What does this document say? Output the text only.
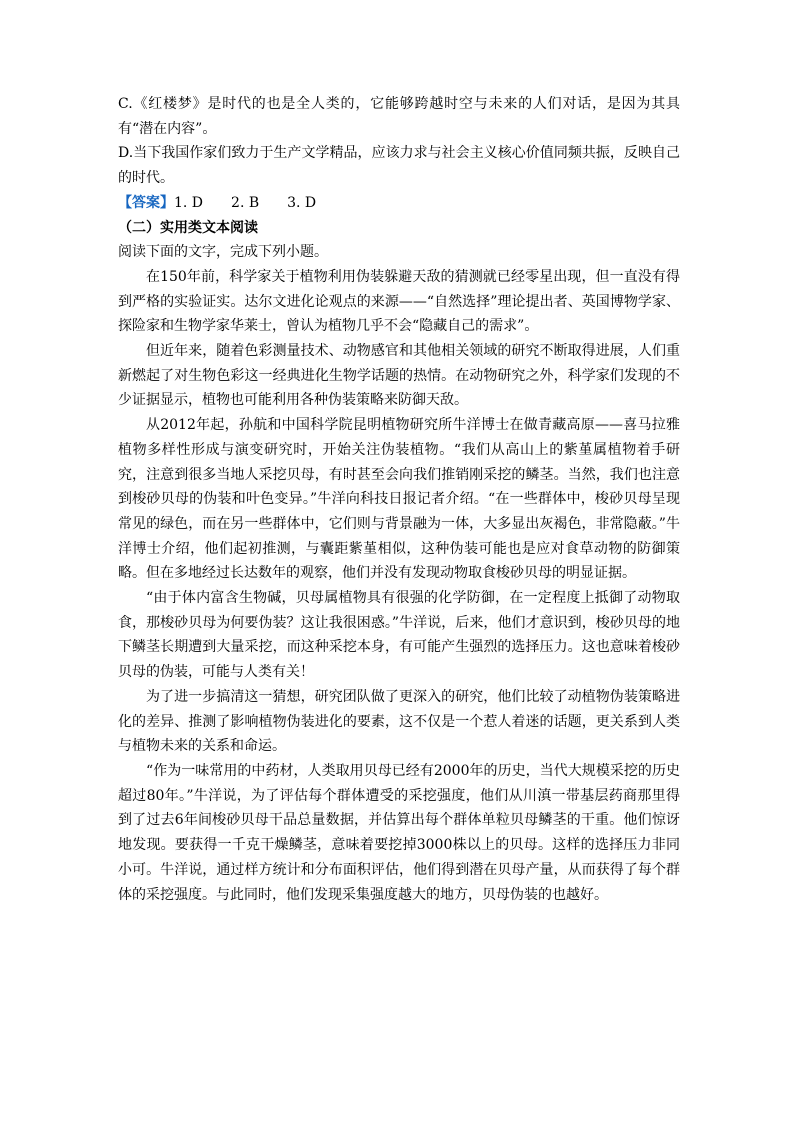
C.《红楼梦》是时代的也是全人类的，它能够跨越时空与未来的人们对话，是因为其具有“潜在内容”。

D.当下我国作家们致力于生产文学精品，应该力求与社会主义核心价值同频共振，反映自己的时代。

【答案】1. D　　2. B　　3. D

（二）实用类文本阅读

阅读下面的文字，完成下列小题。

在150年前，科学家关于植物利用伪装躲避天敌的猜测就已经零星出现，但一直没有得到严格的实验证实。达尔文进化论观点的来源——“自然选择”理论提出者、英国博物学家、探险家和生物学家华莱士，曾认为植物几乎不会“隐藏自己的需求”。

但近年来，随着色彩测量技术、动物感官和其他相关领域的研究不断取得进展，人们重新燃起了对生物色彩这一经典进化生物学话题的热情。在动物研究之外，科学家们发现的不少证据显示，植物也可能利用各种伪装策略来防御天敌。

从2012年起，孙航和中国科学院昆明植物研究所牛洋博士在做青藏高原——喜马拉雅植物多样性形成与演变研究时，开始关注伪装植物。“我们从高山上的紫堇属植物着手研究，注意到很多当地人采挖贝母，有时甚至会向我们推销刚采挖的鳞茎。当然，我们也注意到梭砂贝母的伪装和叶色变异。”牛洋向科技日报记者介绍。“在一些群体中，梭砂贝母呈现常见的绿色，而在另一些群体中，它们则与背景融为一体，大多显出灰褐色，非常隐蔽。”牛洋博士介绍，他们起初推测，与囊距紫堇相似，这种伪装可能也是应对食草动物的防御策略。但在多地经过长达数年的观察，他们并没有发现动物取食梭砂贝母的明显证据。

“由于体内富含生物碱，贝母属植物具有很强的化学防御，在一定程度上抵御了动物取食，那梭砂贝母为何要伪装？这让我很困惑。”牛洋说，后来，他们才意识到，梭砂贝母的地下鳞茎长期遭到大量采挖，而这种采挖本身，有可能产生强烈的选择压力。这也意味着梭砂贝母的伪装，可能与人类有关！

为了进一步搞清这一猜想，研究团队做了更深入的研究，他们比较了动植物伪装策略进化的差异、推测了影响植物伪装进化的要素，这不仅是一个惹人着迷的话题，更关系到人类与植物未来的关系和命运。

“作为一味常用的中药材，人类取用贝母已经有2000年的历史，当代大规模采挖的历史超过80年。”牛洋说，为了评估每个群体遭受的采挖强度，他们从川滇一带基层药商那里得到了过去6年间梭砂贝母干品总量数据，并估算出每个群体单粒贝母鳞茎的干重。他们惊讶地发现。要获得一千克干燥鳞茎，意味着要挖掉3000株以上的贝母。这样的选择压力非同小可。牛洋说，通过样方统计和分布面积评估，他们得到潜在贝母产量，从而获得了每个群体的采挖强度。与此同时，他们发现采集强度越大的地方，贝母伪装的也越好。
